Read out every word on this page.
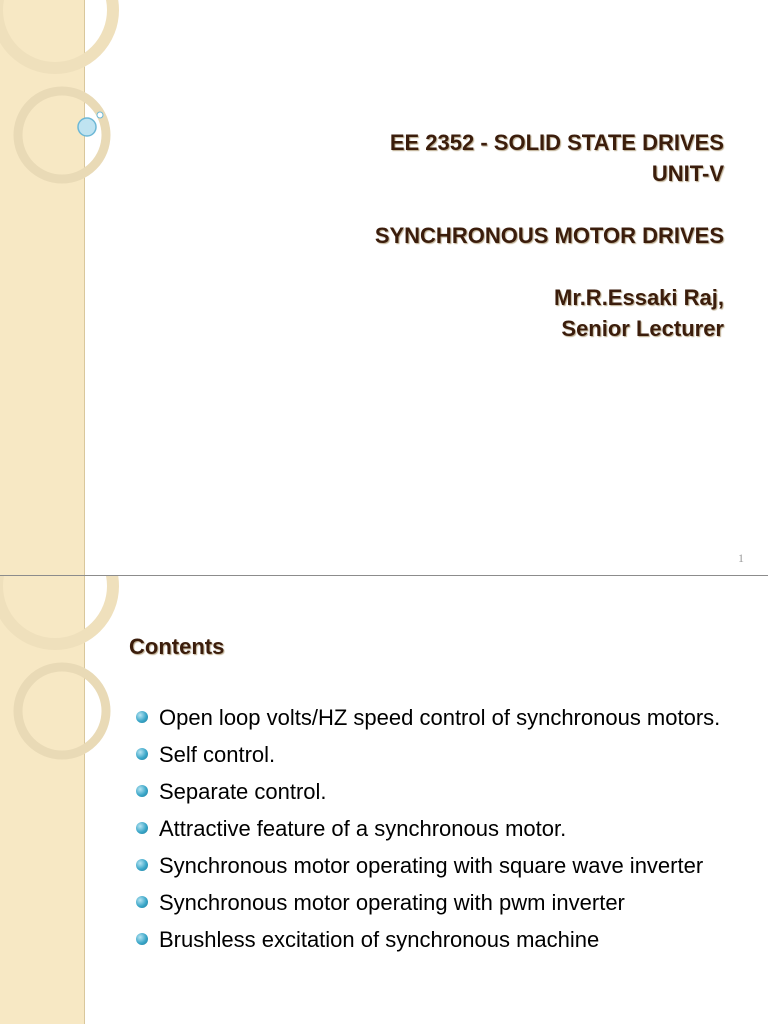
EE 2352 - SOLID STATE DRIVES
UNIT-V
SYNCHRONOUS MOTOR DRIVES
Mr.R.Essaki Raj,
Senior Lecturer
1
Contents
Open loop volts/HZ speed control of synchronous motors.
Self control.
Separate control.
Attractive feature of a synchronous motor.
Synchronous motor operating with square wave inverter
Synchronous motor operating with pwm inverter
Brushless excitation of synchronous machine
